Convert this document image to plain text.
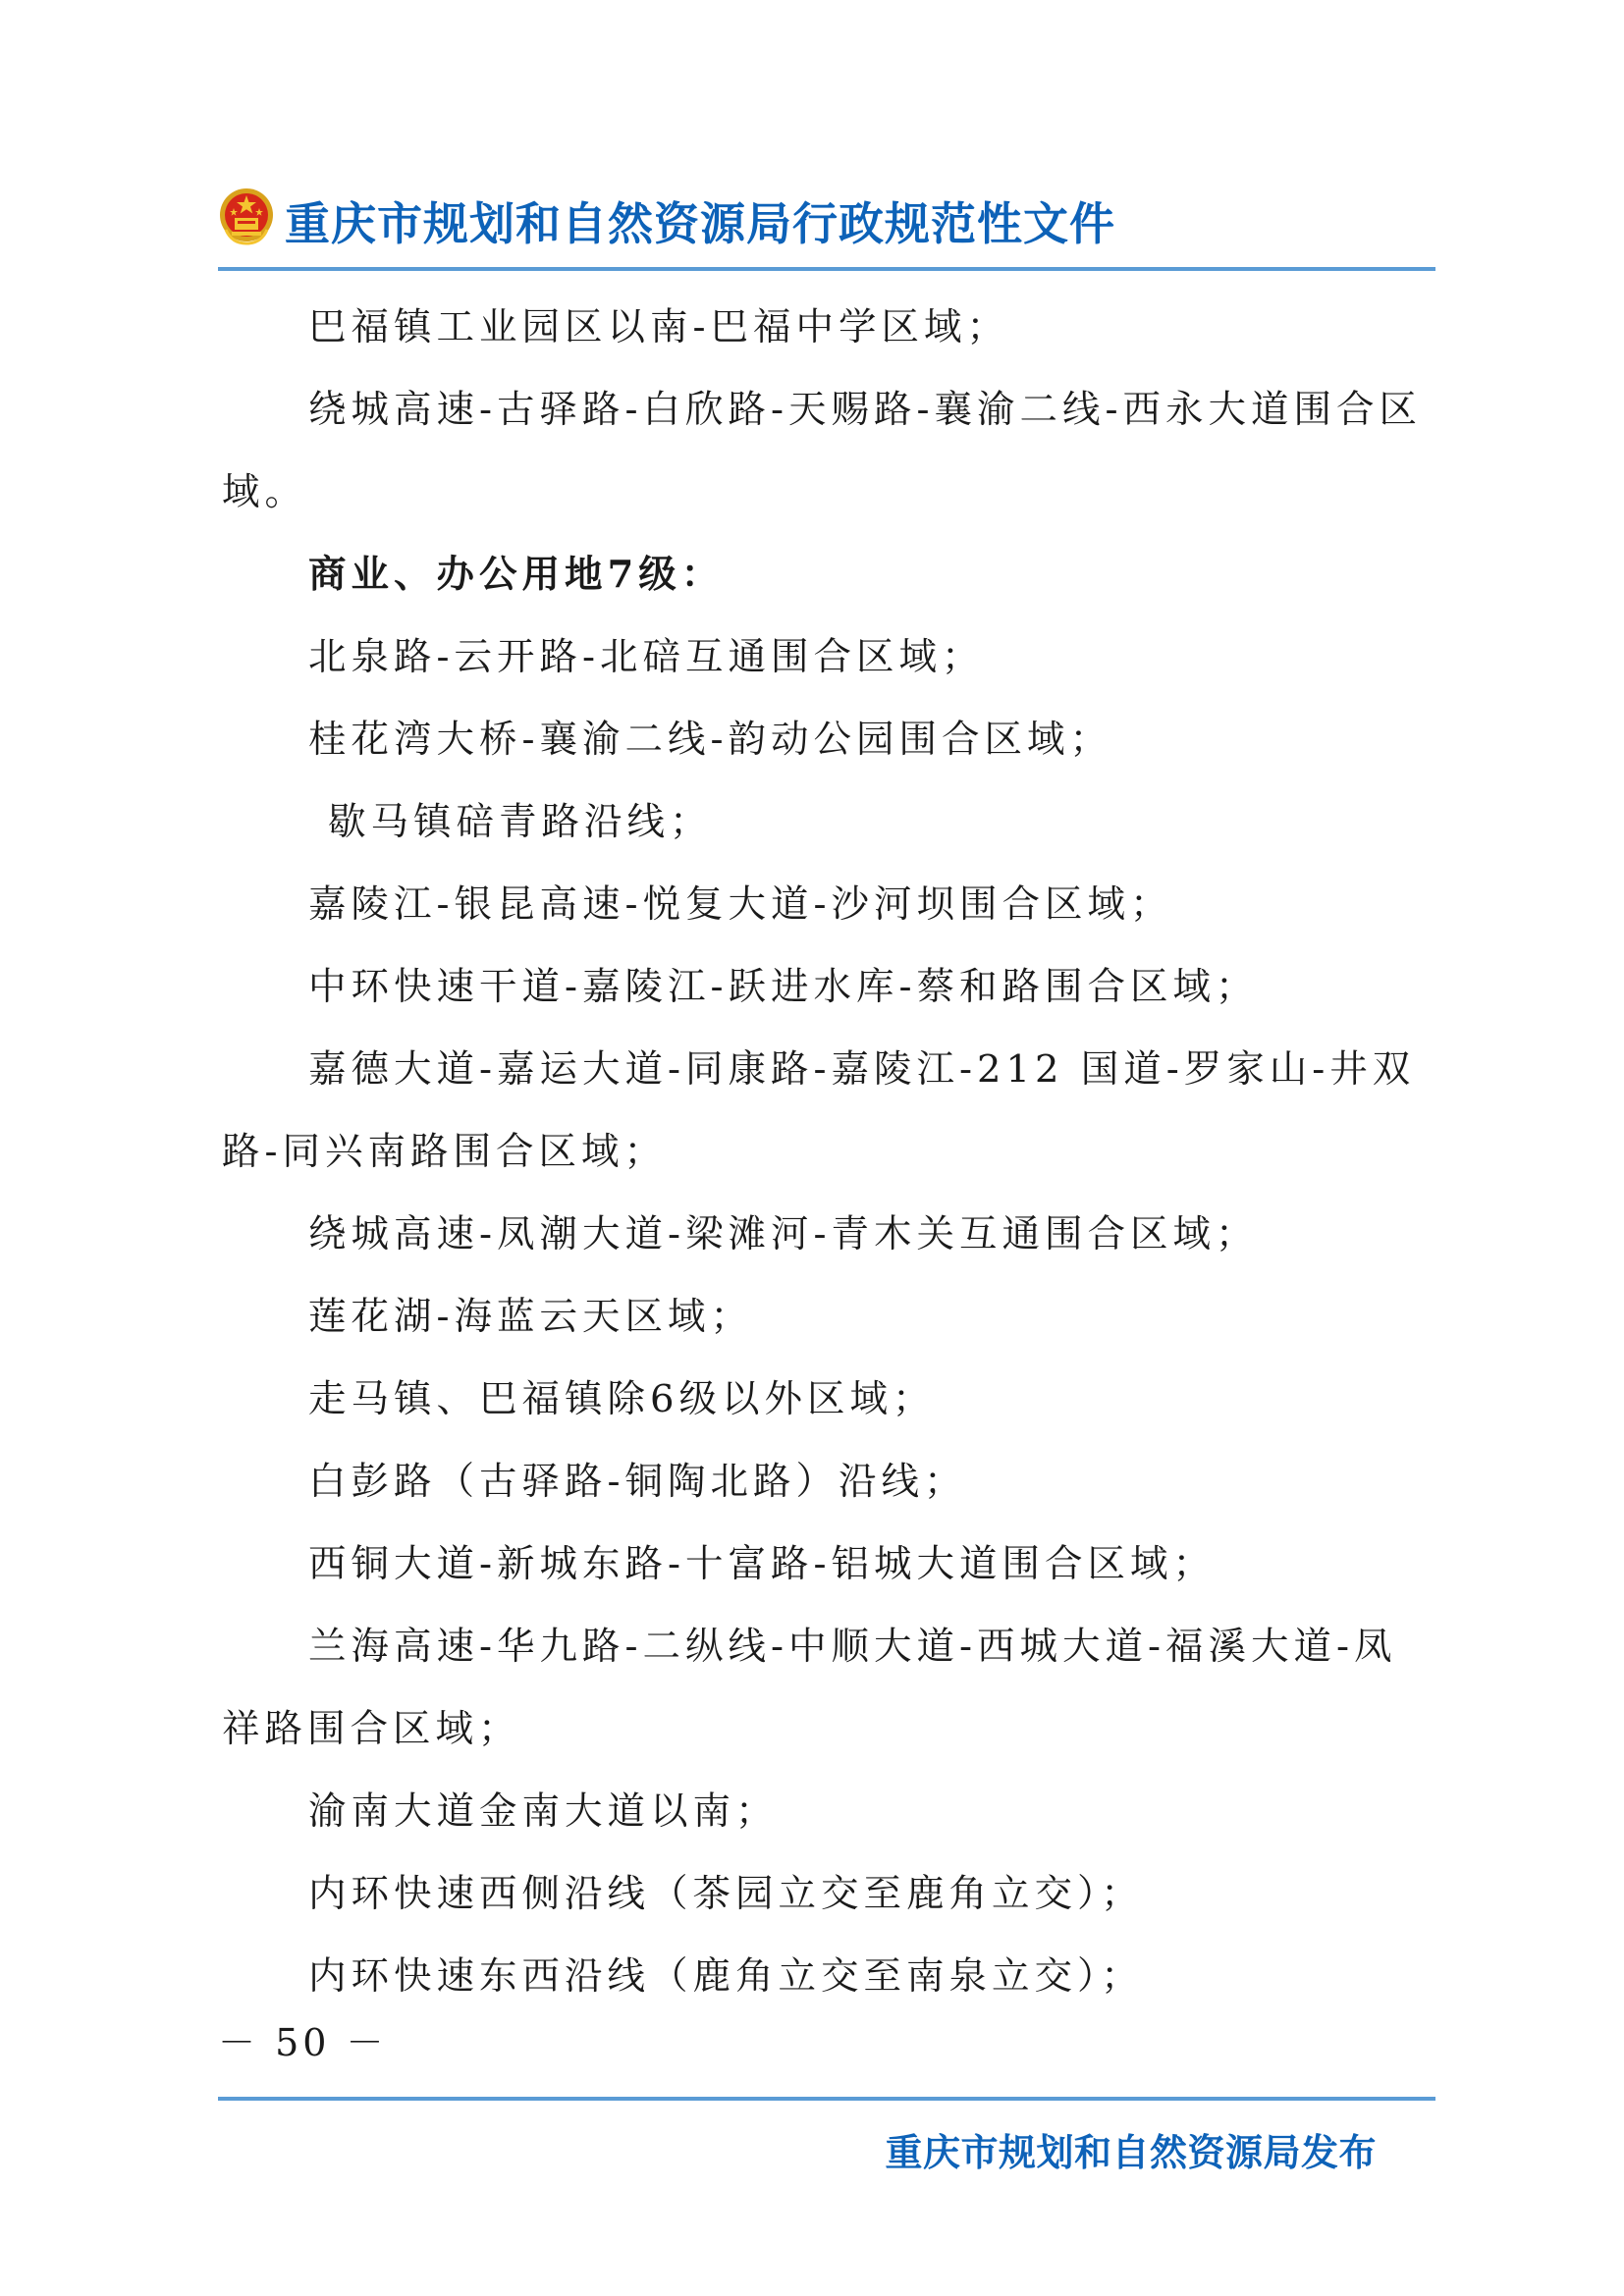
重庆市规划和自然资源局行政规范性文件

巴福镇工业园区以南-巴福中学区域；

绕城高速-古驿路-白欣路-天赐路-襄渝二线-西永大道围合区域。

商业、办公用地7级：

北泉路-云开路-北碚互通围合区域；

桂花湾大桥-襄渝二线-韵动公园围合区域；

歇马镇碚青路沿线；

嘉陵江-银昆高速-悦复大道-沙河坝围合区域；

中环快速干道-嘉陵江-跃进水库-蔡和路围合区域；

嘉德大道-嘉运大道-同康路-嘉陵江-212 国道-罗家山-井双路-同兴南路围合区域；

绕城高速-凤潮大道-梁滩河-青木关互通围合区域；

莲花湖-海蓝云天区域；

走马镇、巴福镇除6级以外区域；

白彭路（古驿路-铜陶北路）沿线；

西铜大道-新城东路-十富路-铝城大道围合区域；

兰海高速-华九路-二纵线-中顺大道-西城大道-福溪大道-凤祥路围合区域；

渝南大道金南大道以南；

内环快速西侧沿线（茶园立交至鹿角立交）；

内环快速东西沿线（鹿角立交至南泉立交）；

－ 50 －
重庆市规划和自然资源局发布
